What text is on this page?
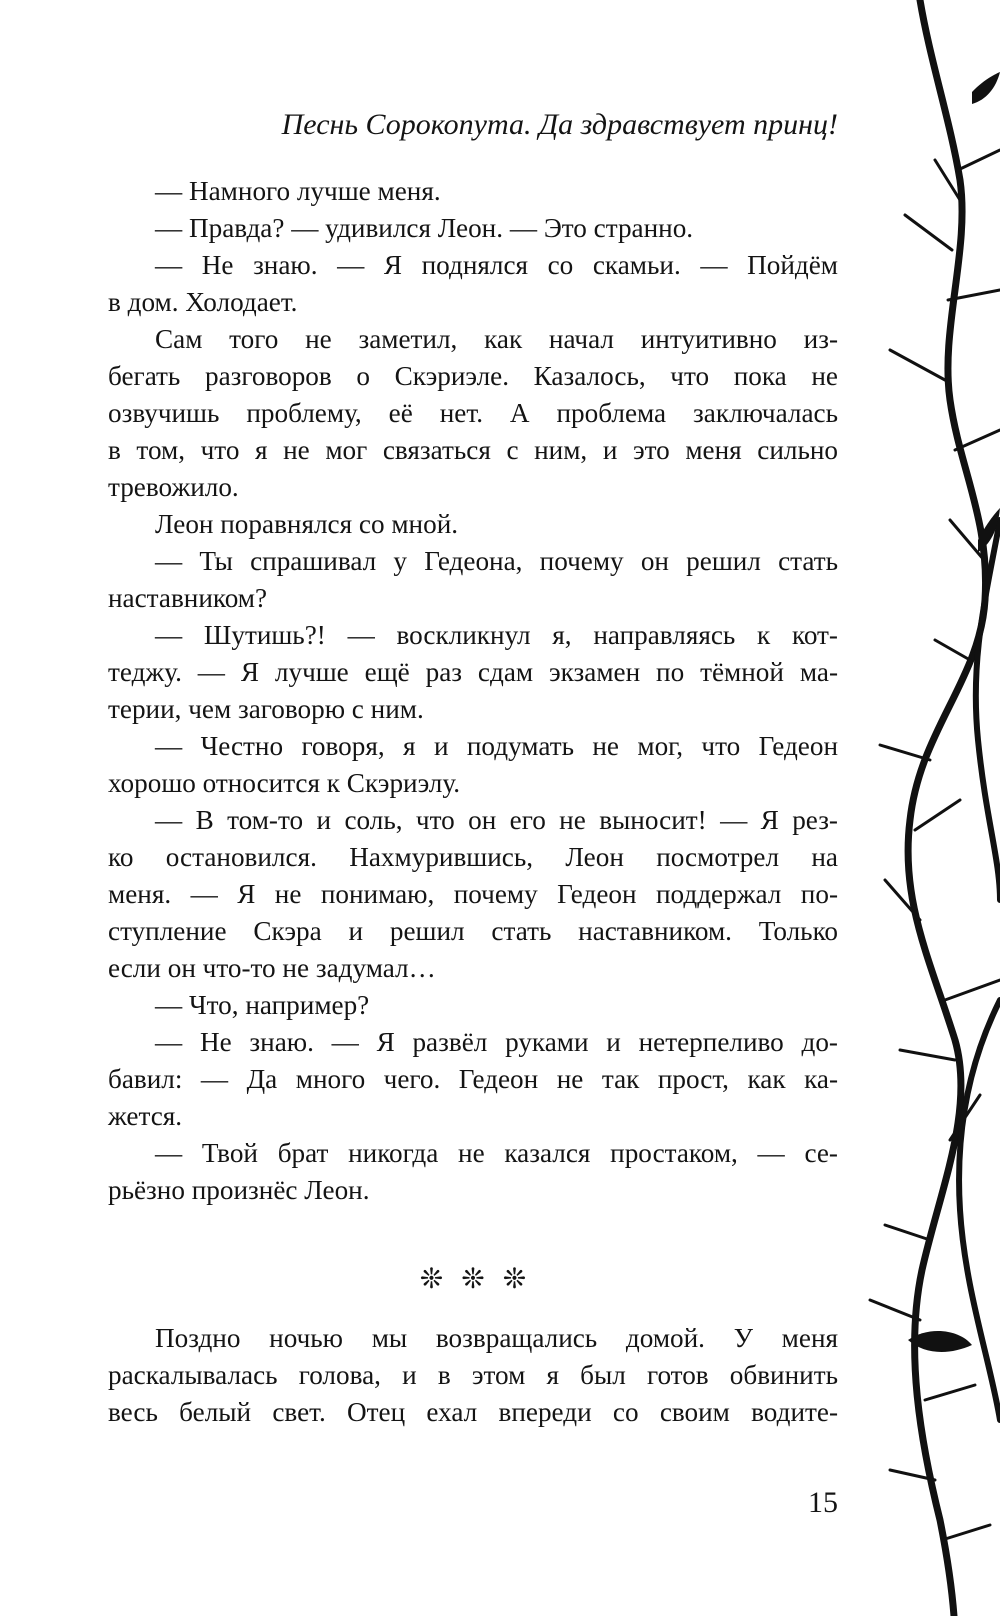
Песнь Сорокопута. Да здравствует принц!
— Намного лучше меня.
— Правда? — удивился Леон. — Это странно.
— Не знаю. — Я поднялся со скамьи. — Пойдём
в дом. Холодает.
Сам того не заметил, как начал интуитивно из-
бегать разговоров о Скэриэле. Казалось, что пока не
озвучишь проблему, её нет. А проблема заключалась
в том, что я не мог связаться с ним, и это меня сильно
тревожило.
Леон поравнялся со мной.
— Ты спрашивал у Гедеона, почему он решил стать
наставником?
— Шутишь?! — воскликнул я, направляясь к кот-
теджу. — Я лучше ещё раз сдам экзамен по тёмной ма-
терии, чем заговорю с ним.
— Честно говоря, я и подумать не мог, что Гедеон
хорошо относится к Скэриэлу.
— В том-то и соль, что он его не выносит! — Я рез-
ко остановился. Нахмурившись, Леон посмотрел на
меня. — Я не понимаю, почему Гедеон поддержал по-
ступление Скэра и решил стать наставником. Только
если он что-то не задумал…
— Что, например?
— Не знаю. — Я развёл руками и нетерпеливо до-
бавил: — Да много чего. Гедеон не так прост, как ка-
жется.
— Твой брат никогда не казался простаком, — се-
рьёзно произнёс Леон.
❊❊❊
Поздно ночью мы возвращались домой. У меня
раскалывалась голова, и в этом я был готов обвинить
весь белый свет. Отец ехал впереди со своим водите-
15
